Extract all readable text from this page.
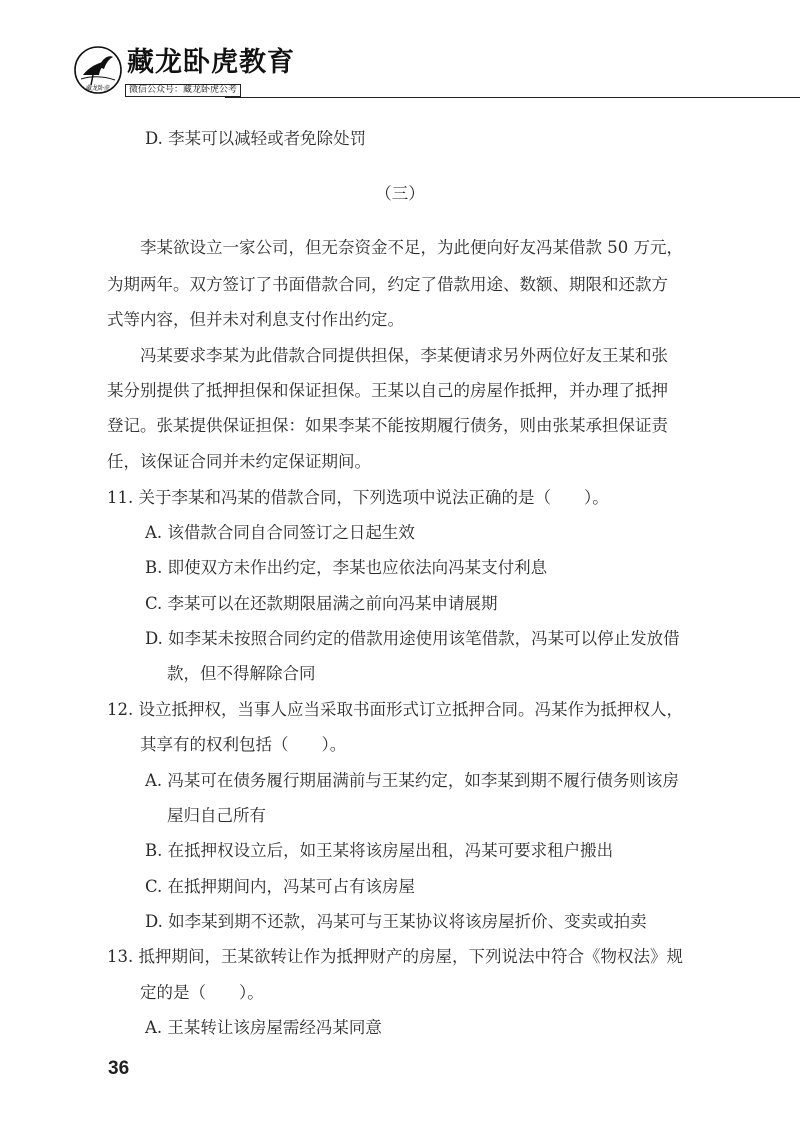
藏龙卧虎
藏龙卧虎教育
微信公众号：藏龙卧虎公考
D. 李某可以减轻或者免除处罚
（三）
李某欲设立一家公司，但无奈资金不足，为此便向好友冯某借款 50 万元，
为期两年。双方签订了书面借款合同，约定了借款用途、数额、期限和还款方
式等内容，但并未对利息支付作出约定。
冯某要求李某为此借款合同提供担保，李某便请求另外两位好友王某和张
某分别提供了抵押担保和保证担保。王某以自己的房屋作抵押，并办理了抵押
登记。张某提供保证担保：如果李某不能按期履行债务，则由张某承担保证责
任，该保证合同并未约定保证期间。
11. 关于李某和冯某的借款合同，下列选项中说法正确的是（　　）。
A. 该借款合同自合同签订之日起生效
B. 即使双方未作出约定，李某也应依法向冯某支付利息
C. 李某可以在还款期限届满之前向冯某申请展期
D. 如李某未按照合同约定的借款用途使用该笔借款，冯某可以停止发放借
款，但不得解除合同
12. 设立抵押权，当事人应当采取书面形式订立抵押合同。冯某作为抵押权人，
其享有的权利包括（　　）。
A. 冯某可在债务履行期届满前与王某约定，如李某到期不履行债务则该房
屋归自己所有
B. 在抵押权设立后，如王某将该房屋出租，冯某可要求租户搬出
C. 在抵押期间内，冯某可占有该房屋
D. 如李某到期不还款，冯某可与王某协议将该房屋折价、变卖或拍卖
13. 抵押期间，王某欲转让作为抵押财产的房屋，下列说法中符合《物权法》规
定的是（　　）。
A. 王某转让该房屋需经冯某同意
36
